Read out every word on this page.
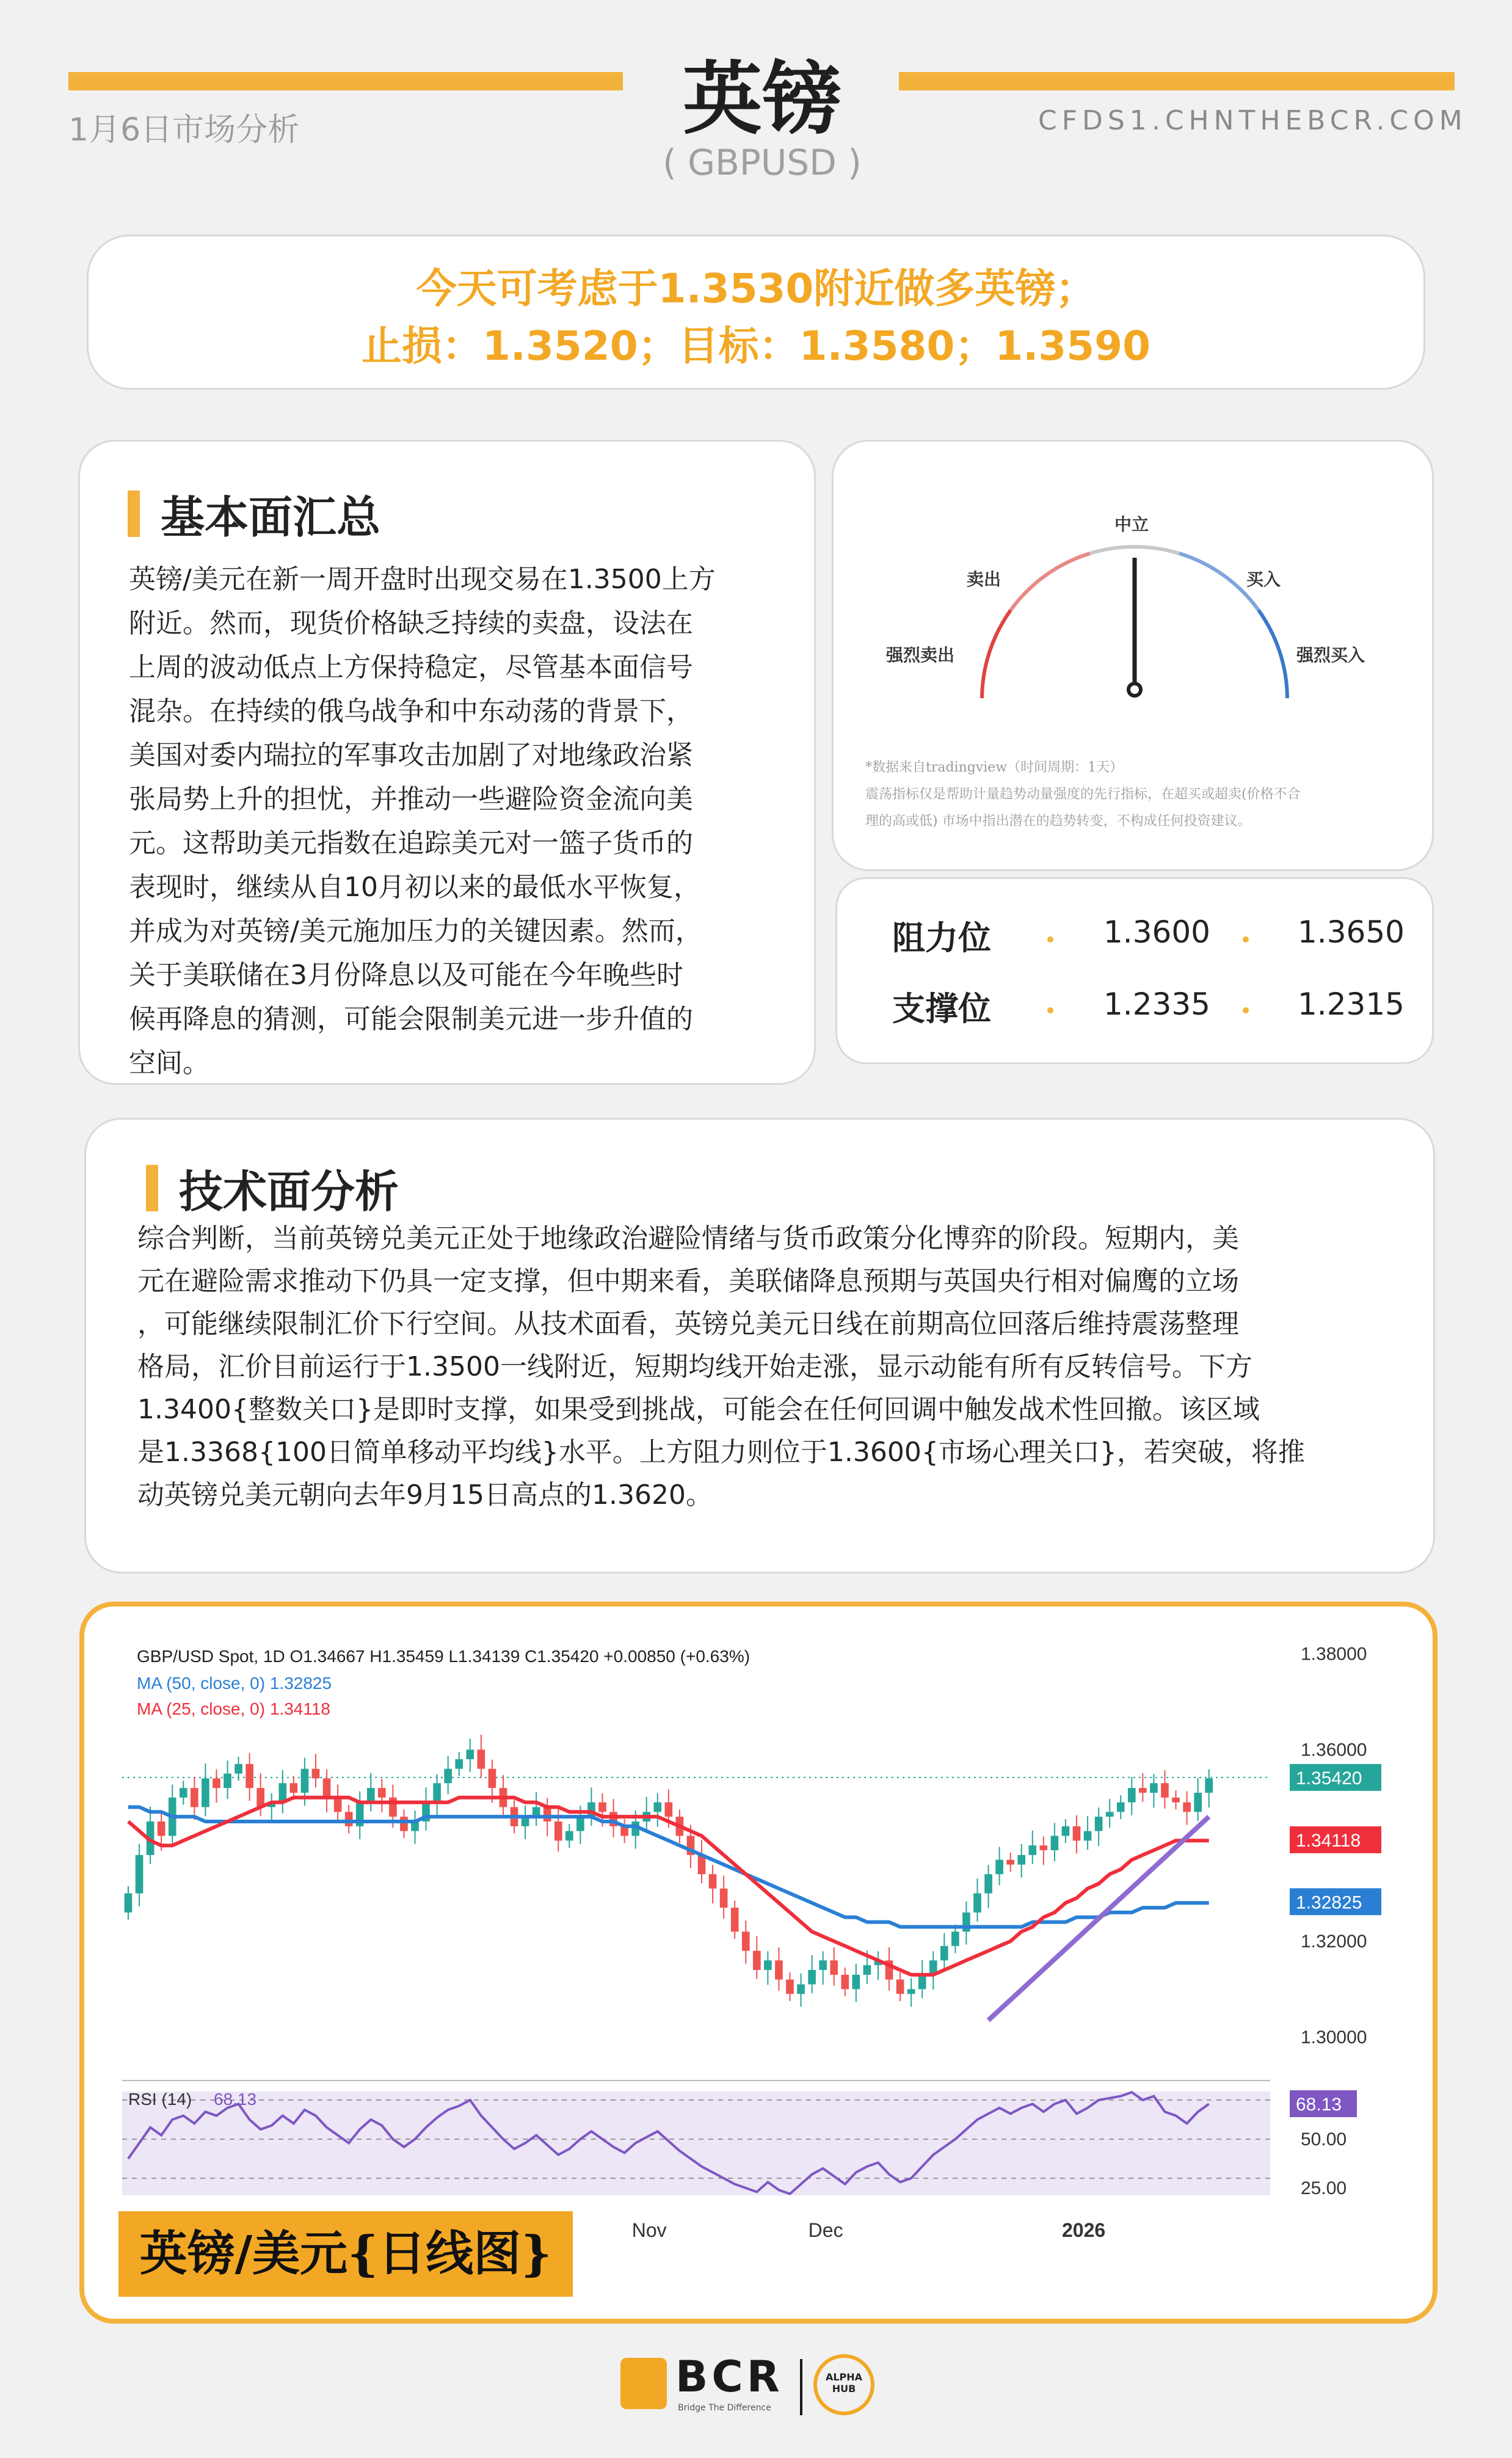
1月6日市场分析	英镑
( GBPUSD )
CFDS1.CHNTHEBCR.COM
今天可考虑于1.3530附近做多英镑；
止损：1.3520；目标：1.3580；1.3590
基本面汇总
英镑/美元在新一周开盘时出现交易在1.3500上方
附近。然而，现货价格缺乏持续的卖盘，设法在
上周的波动低点上方保持稳定，尽管基本面信号
混杂。在持续的俄乌战争和中东动荡的背景下，
美国对委内瑞拉的军事攻击加剧了对地缘政治紧
张局势上升的担忧，并推动一些避险资金流向美
元。这帮助美元指数在追踪美元对一篮子货币的
表现时，继续从自10月初以来的最低水平恢复，
并成为对英镑/美元施加压力的关键因素。然而，
关于美联储在3月份降息以及可能在今年晚些时
候再降息的猜测，可能会限制美元进一步升值的
空间。
中立
卖出	买入
强烈卖出	强烈买入
*数据来自tradingview（时间周期：1天）
震荡指标仅是帮助计量趋势动量强度的先行指标，在超买或超卖(价格不合
理的高或低) 市场中指出潜在的趋势转变，不构成任何投资建议。
阻力位	1.3600	1.3650
支撑位	1.2335	1.2315
技术面分析
综合判断，当前英镑兑美元正处于地缘政治避险情绪与货币政策分化博弈的阶段。短期内，美
元在避险需求推动下仍具一定支撑，但中期来看，美联储降息预期与英国央行相对偏鹰的立场
，可能继续限制汇价下行空间。从技术面看，英镑兑美元日线在前期高位回落后维持震荡整理
格局，汇价目前运行于1.3500一线附近，短期均线开始走涨，显示动能有所有反转信号。下方
1.3400{整数关口}是即时支撑，如果受到挑战，可能会在任何回调中触发战术性回撤。该区域
是1.3368{100日简单移动平均线}水平。上方阻力则位于1.3600{市场心理关口}，若突破，将推
动英镑兑美元朝向去年9月15日高点的1.3620。
1.38000
1.36000
1.32000
1.30000
1.35420
1.34118
1.32825
RSI (14) 68.13	68.13
50.00
25.00
Nov	Dec	2026
GBP/USD Spot, 1D O1.34667 H1.35459 L1.34139 C1.35420 +0.00850 (+0.63%)
MA (50, close, 0) 1.32825
MA (25, close, 0) 1.34118
英镑/美元{日线图}
BCR
Bridge The Difference
ALPHA
HUB
